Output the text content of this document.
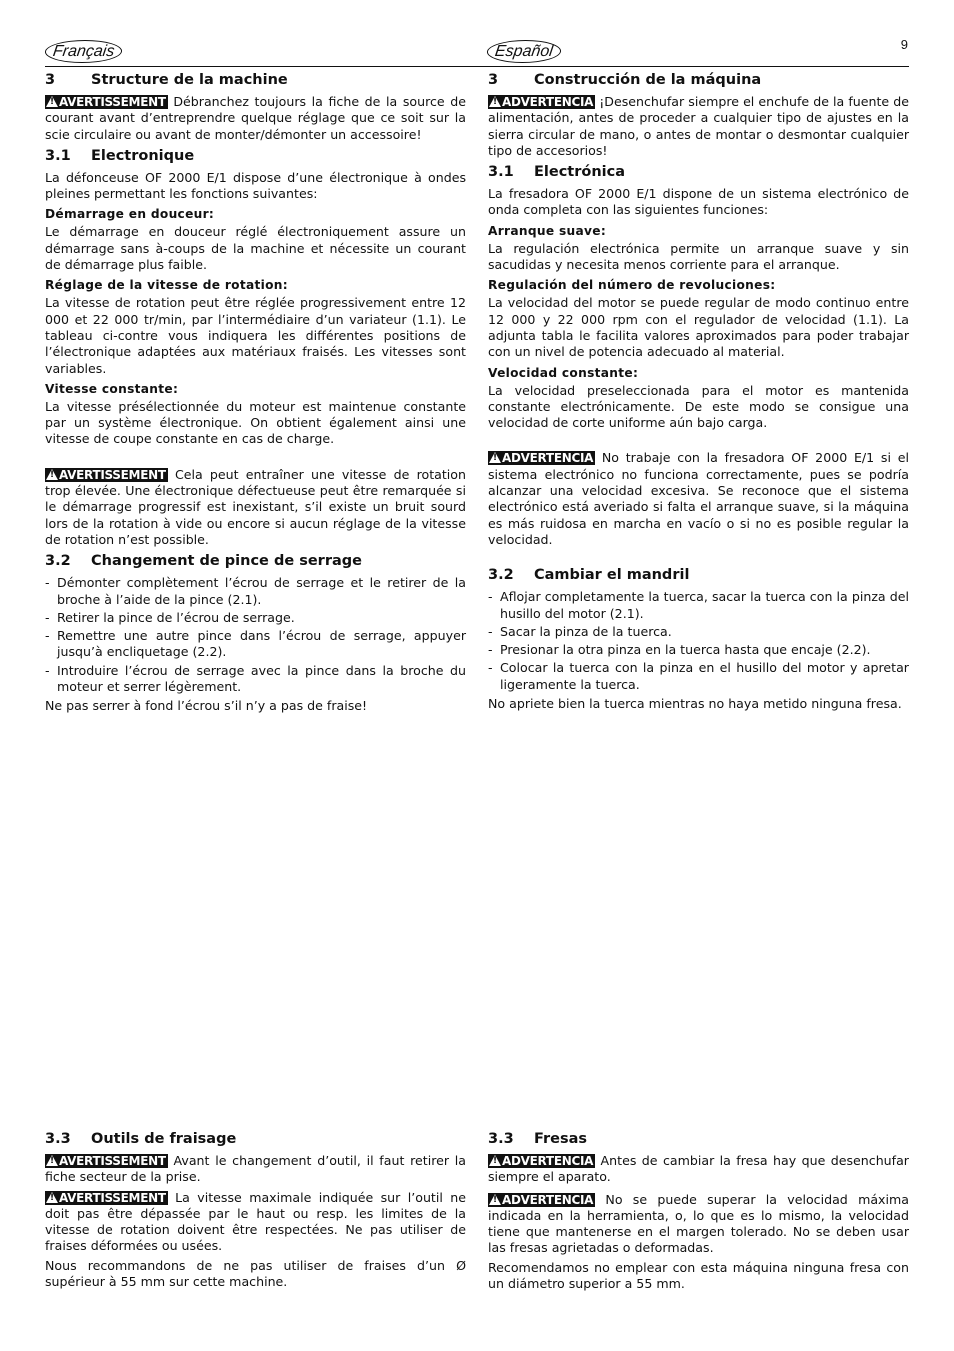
Français	Español	9
3 Structure de la machine

!AVERTISSEMENT Débranchez toujours la fiche de la source de courant avant d’entreprendre quelque réglage que ce soit sur la scie circulaire ou avant de monter/démonter un accessoire!

3.1 Electronique

La défonceuse OF 2000 E/1 dispose d’une électronique à ondes pleines permettant les fonctions suivantes:

Démarrage en douceur:

Le démarrage en douceur réglé électroniquement assure un démarrage sans à-coups de la machine et nécessite un courant de démarrage plus faible.

Réglage de la vitesse de rotation:

La vitesse de rotation peut être réglée progressivement entre 12 000 et 22 000 tr/min, par l’intermédiaire d’un variateur (1.1). Le tableau ci-contre vous indiquera les différentes positions de l’électronique adaptées aux matériaux fraisés. Les vitesses sont variables.

Vitesse constante:

La vitesse présélectionnée du moteur est maintenue constante par un système électronique. On obtient également ainsi une vitesse de coupe constante en cas de charge.

!AVERTISSEMENT Cela peut entraîner une vitesse de rotation trop élevée. Une électronique défectueuse peut être remarquée si le démarrage progressif est inexistant, s’il existe un bruit sourd lors de la rotation à vide ou encore si aucun réglage de la vitesse de rotation n’est possible.

3.2 Changement de pince de serrage
- Démonter complètement l’écrou de serrage et le retirer de la broche à l’aide de la pince (2.1).
- Retirer la pince de l’écrou de serrage.
- Remettre une autre pince dans l’écrou de serrage, appuyer jusqu’à encliquetage (2.2).
- Introduire l’écrou de serrage avec la pince dans la broche du moteur et serrer légèrement.

Ne pas serrer à fond l’écrou s’il n’y a pas de fraise!

3 Construcción de la máquina

!ADVERTENCIA ¡Desenchufar siempre el enchufe de la fuente de alimentación, antes de proceder a cualquier tipo de ajustes en la sierra circular de mano, o antes de montar o desmontar cualquier tipo de accesorios!

3.1 Electrónica

La fresadora OF 2000 E/1 dispone de un sistema electrónico de onda completa con las siguientes funciones:

Arranque suave:

La regulación electrónica permite un arranque suave y sin sacudidas y necesita menos corriente para el arranque.

Regulación del número de revoluciones:

La velocidad del motor se puede regular de modo continuo entre 12 000 y 22 000 rpm con el regulador de velocidad (1.1). La adjunta tabla le facilita valores aproximados para poder trabajar con un nivel de potencia adecuado al material.

Velocidad constante:

La velocidad preseleccionada para el motor es mantenida constante electrónicamente. De este modo se consigue una velocidad de corte uniforme aún bajo carga.

!ADVERTENCIA No trabaje con la fresadora OF 2000 E/1 si el sistema electrónico no funciona correctamente, pues se podría alcanzar una velocidad excesiva. Se reconoce que el sistema electrónico está averiado si falta el arranque suave, si la máquina es más ruidosa en marcha en vacío o si no es posible regular la velocidad.

3.2 Cambiar el mandril
- Aflojar completamente la tuerca, sacar la tuerca con la pinza del husillo del motor (2.1).
- Sacar la pinza de la tuerca.
- Presionar la otra pinza en la tuerca hasta que encaje (2.2).
- Colocar la tuerca con la pinza en el husillo del motor y apretar ligeramente la tuerca.

No apriete bien la tuerca mientras no haya metido ninguna fresa.

3.3 Outils de fraisage

!AVERTISSEMENT Avant le changement d’outil, il faut retirer la fiche secteur de la prise.

!AVERTISSEMENT La vitesse maximale indiquée sur l’outil ne doit pas être dépassée par le haut ou resp. les limites de la vitesse de rotation doivent être respectées. Ne pas utiliser de fraises déformées ou usées.

Nous recommandons de ne pas utiliser de fraises d’un Ø supérieur à 55 mm sur cette machine.

3.3 Fresas

!ADVERTENCIA Antes de cambiar la fresa hay que desenchufar siempre el aparato.

!ADVERTENCIA No se puede superar la velocidad máxima indicada en la herramienta, o, lo que es lo mismo, la velocidad tiene que mantenerse en el margen tolerado. No se deben usar las fresas agrietadas o deformadas.

Recomendamos no emplear con esta máquina ninguna fresa con un diámetro superior a 55 mm.
